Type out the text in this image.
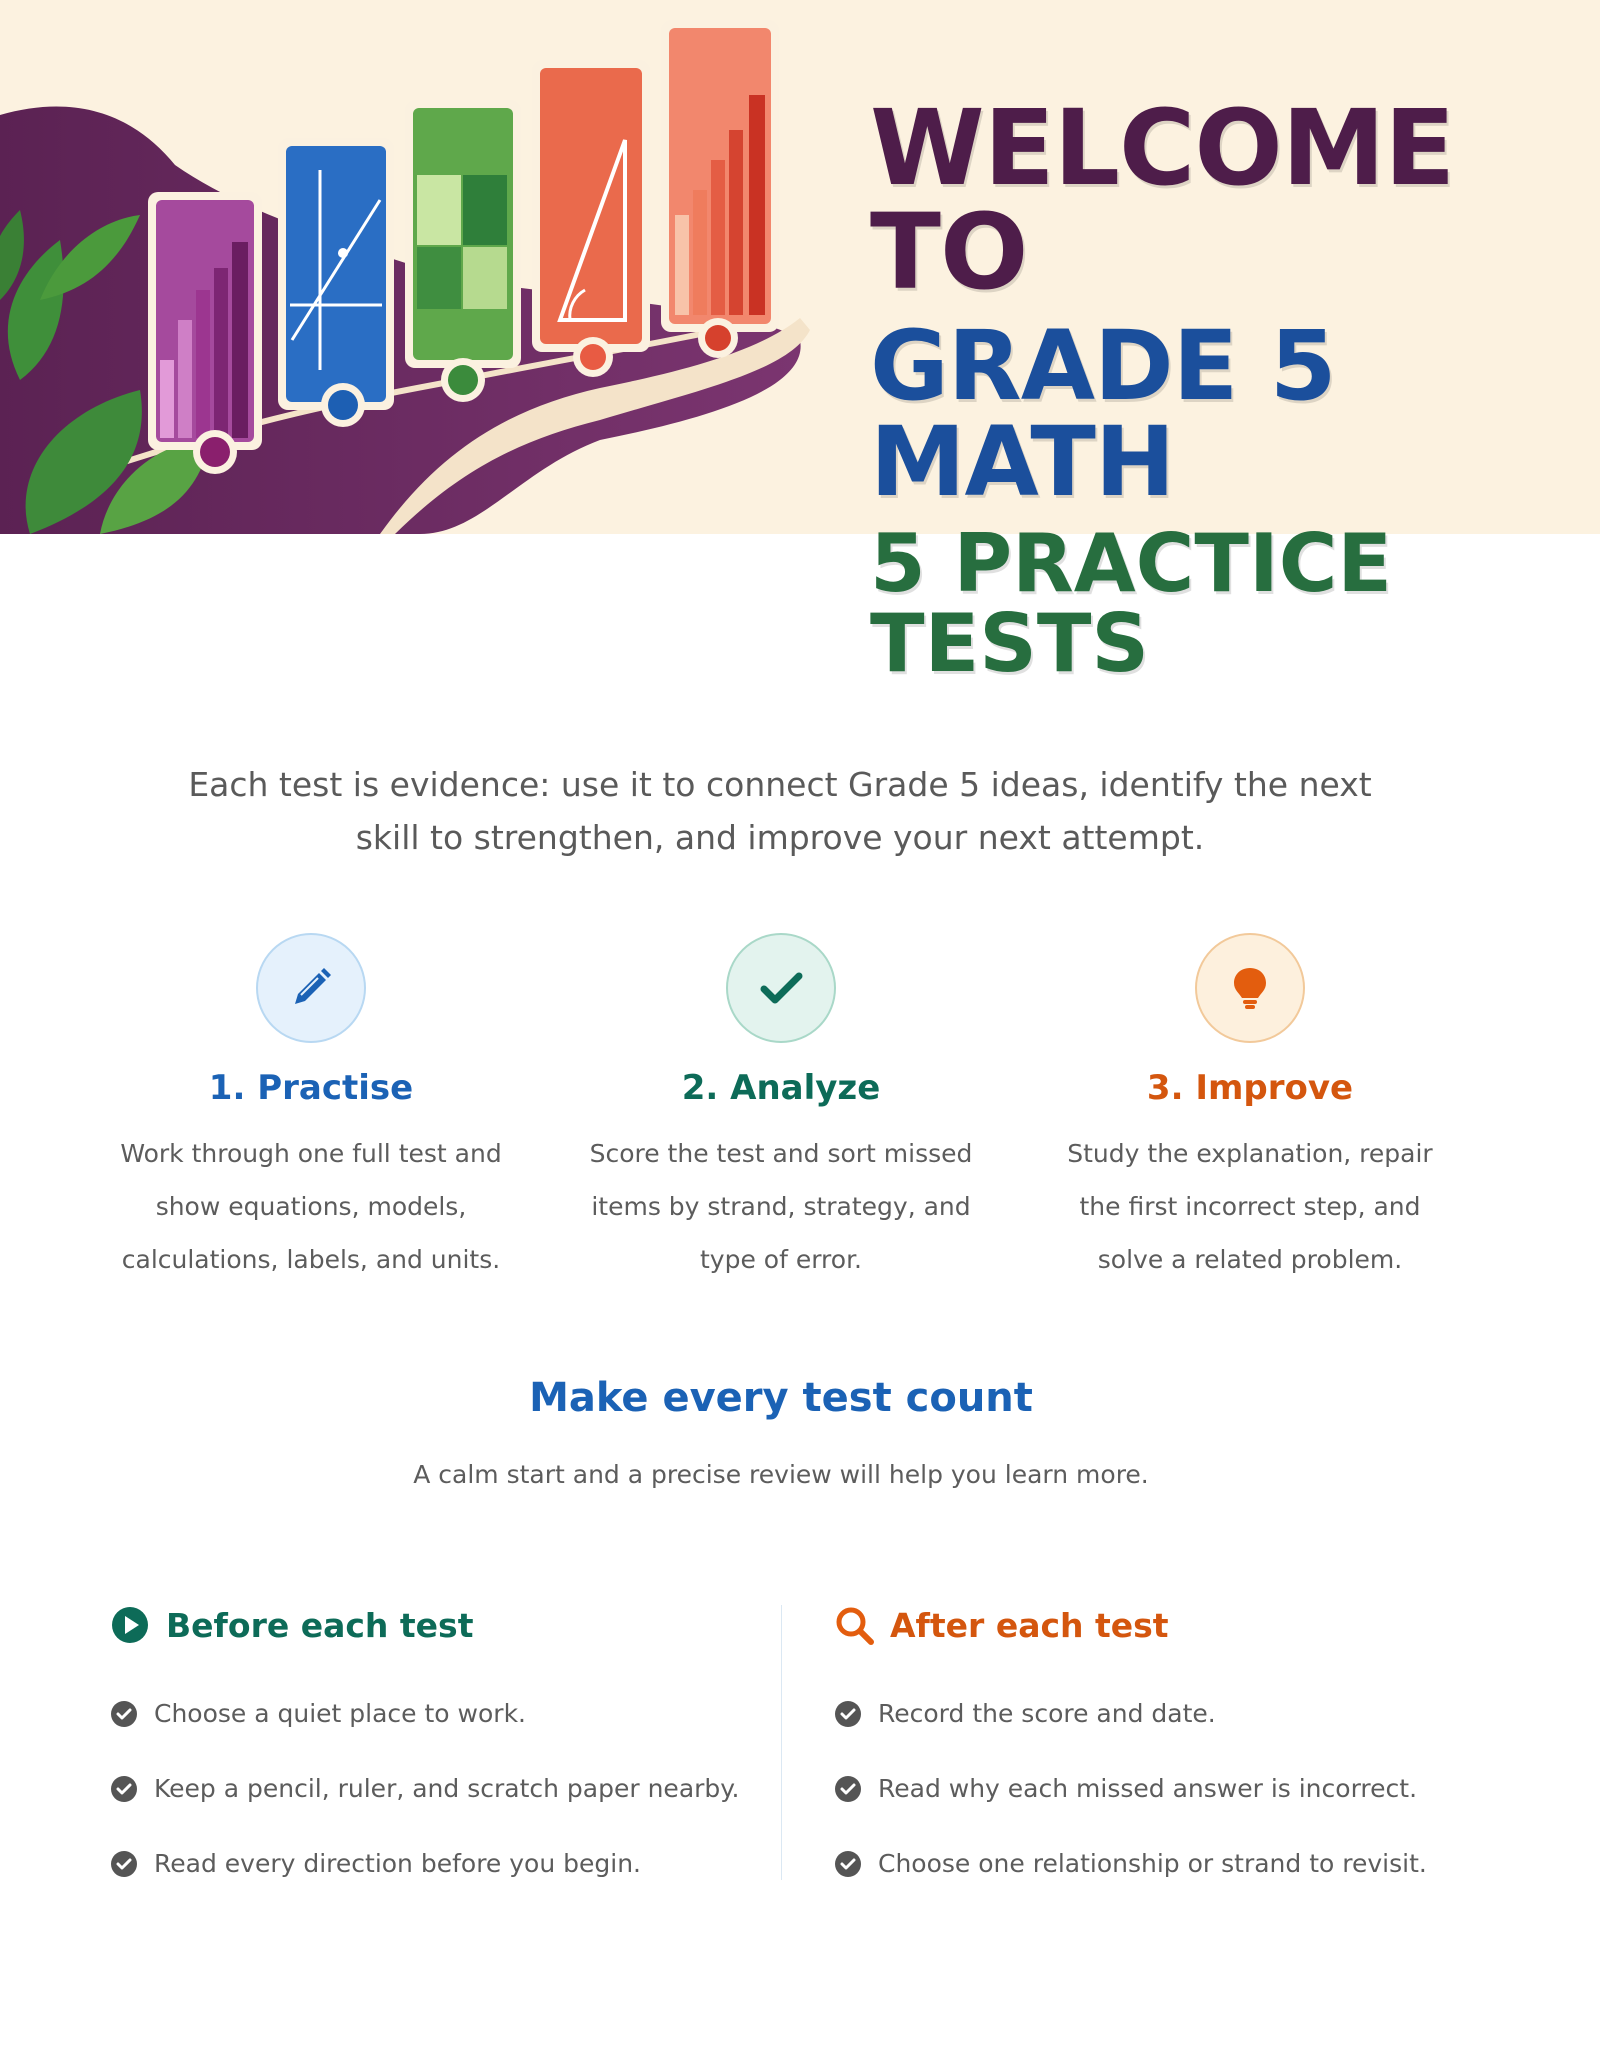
WELCOME TO
GRADE 5 MATH
5 PRACTICE TESTS
Each test is evidence: use it to connect Grade 5 ideas, identify the next skill to strengthen, and improve your next attempt.
1. Practise

Work through one full test and show equations, models, calculations, labels, and units.

2. Analyze

Score the test and sort missed items by strand, strategy, and type of error.

3. Improve

Study the explanation, repair the first incorrect step, and solve a related problem.

Make every test count
A calm start and a precise review will help you learn more.
Before each test
Choose a quiet place to work.
Keep a pencil, ruler, and scratch paper nearby.
Read every direction before you begin.
After each test
Record the score and date.
Read why each missed answer is incorrect.
Choose one relationship or strand to revisit.
